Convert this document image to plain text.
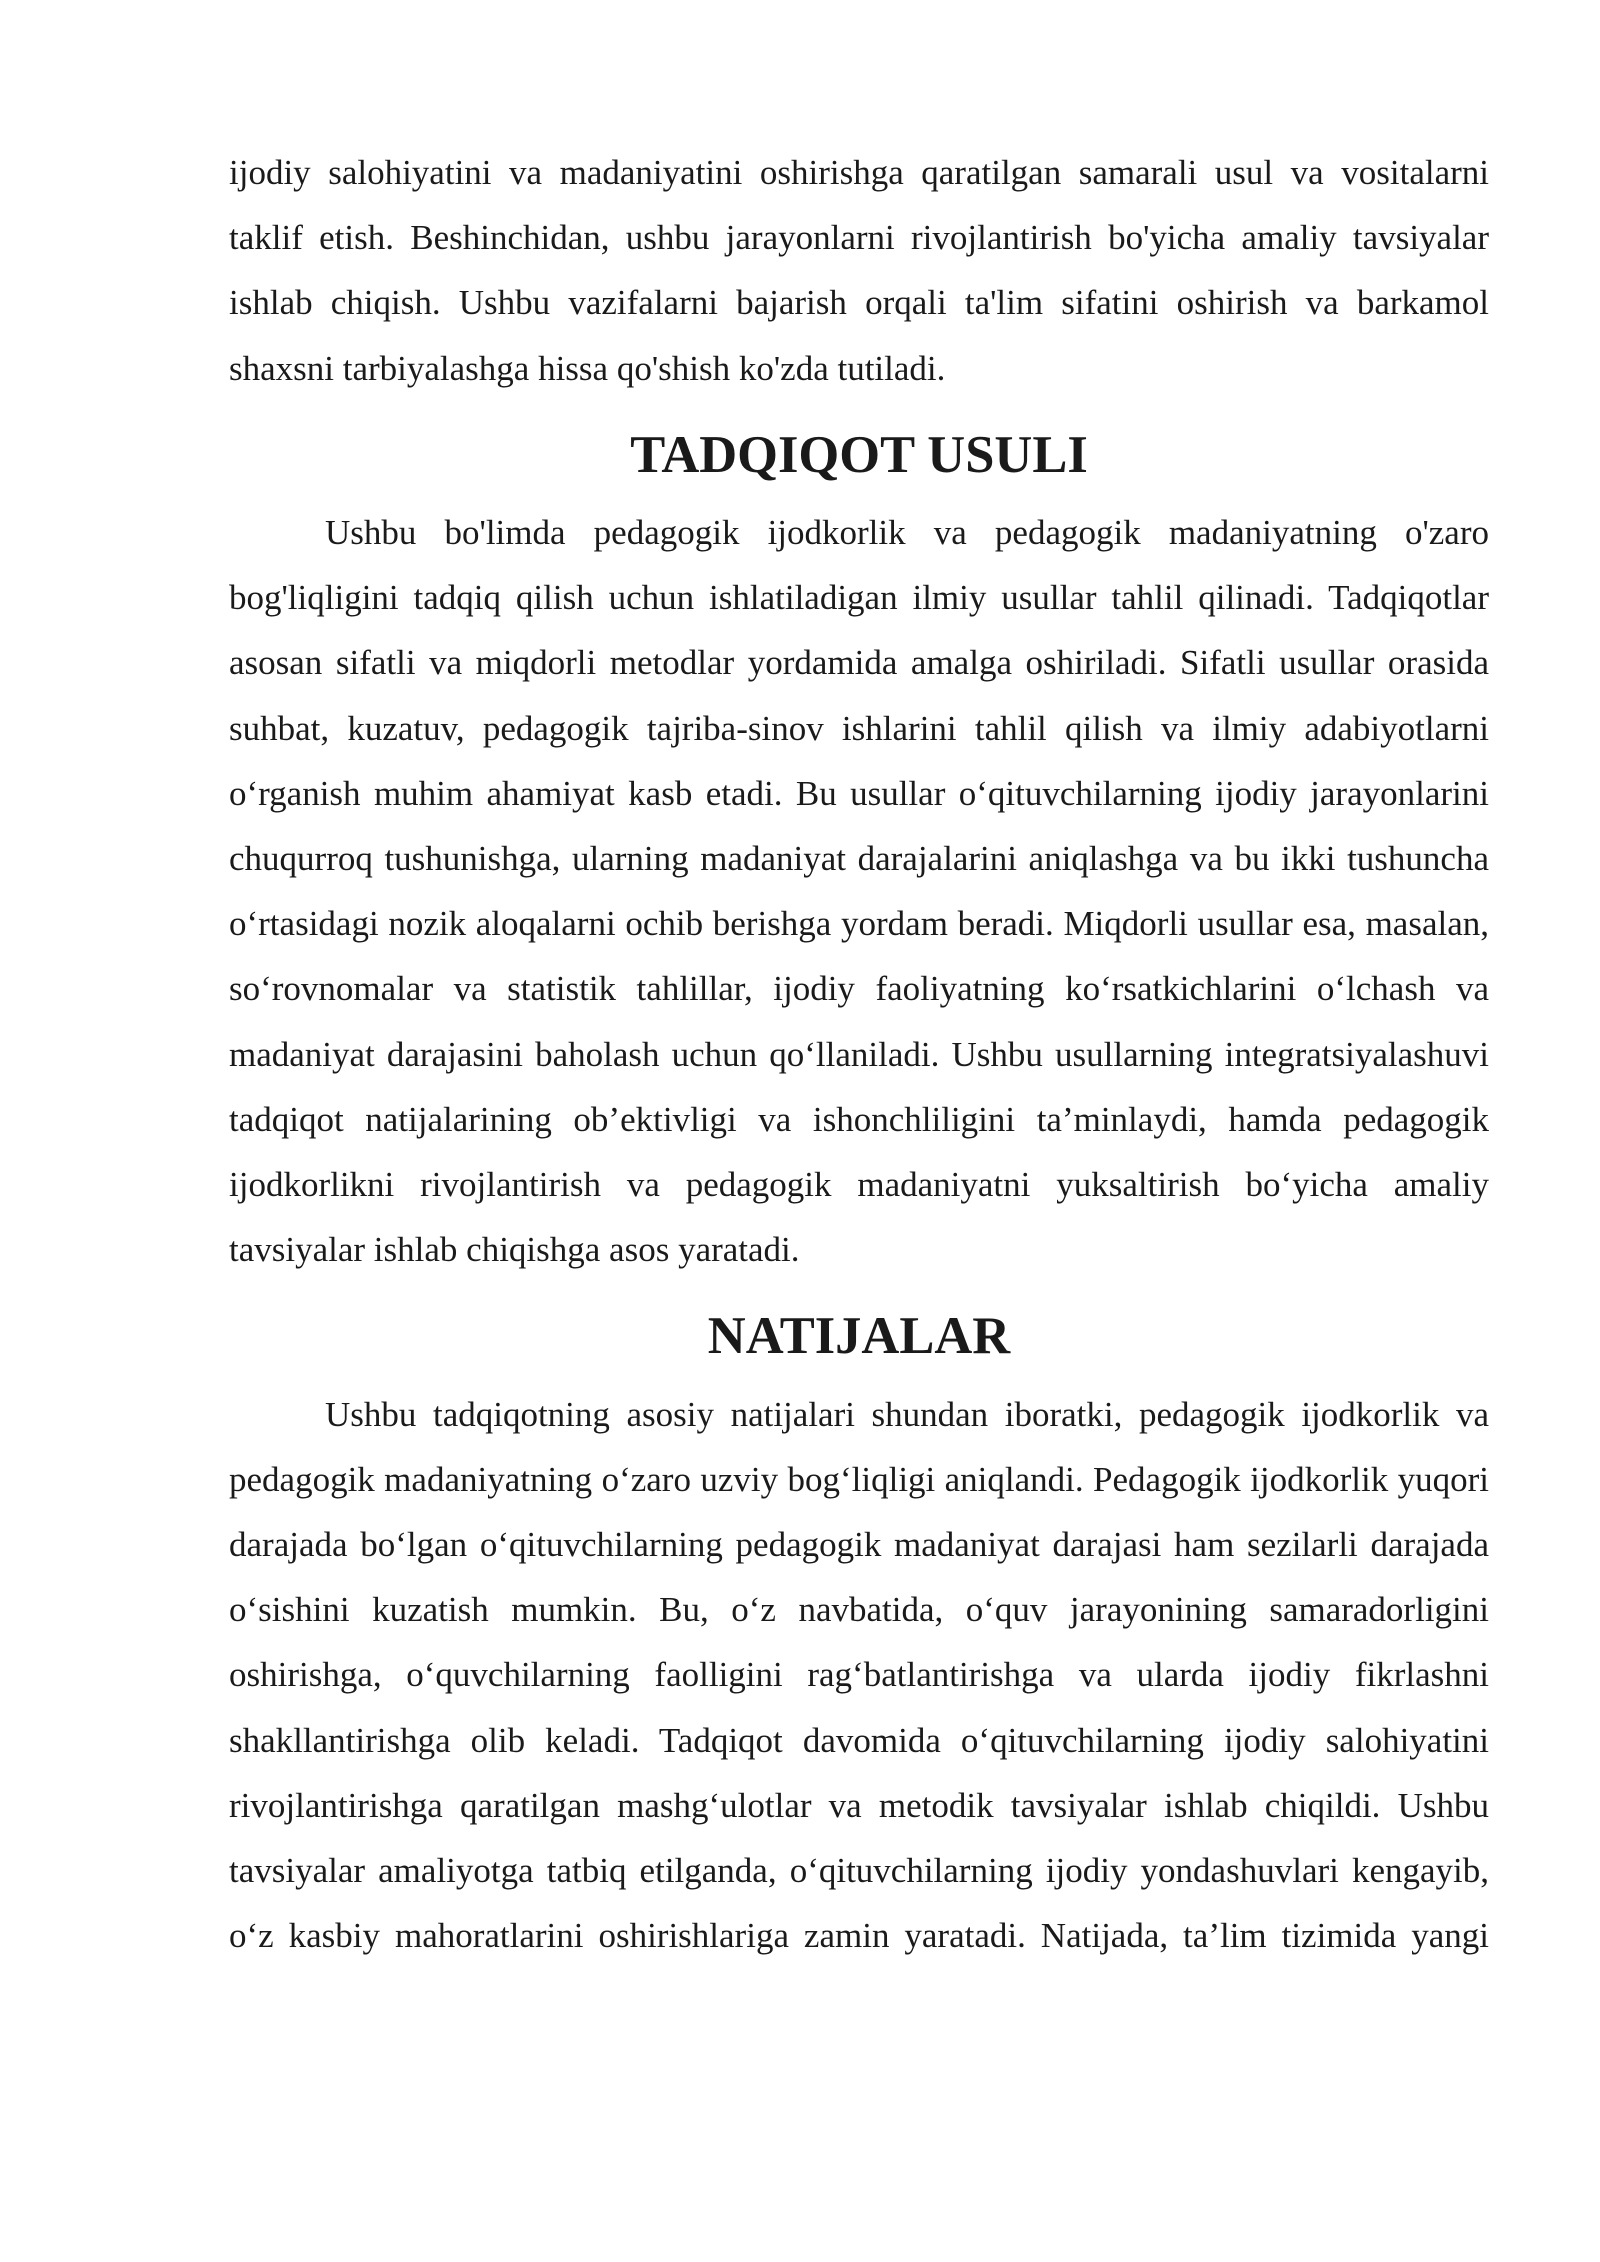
ijodiy salohiyatini va madaniyatini oshirishga qaratilgan samarali usul va vositalarni taklif etish. Beshinchidan, ushbu jarayonlarni rivojlantirish bo'yicha amaliy tavsiyalar ishlab chiqish. Ushbu vazifalarni bajarish orqali ta'lim sifatini oshirish va barkamol shaxsni tarbiyalashga hissa qo'shish ko'zda tutiladi.

TADQIQOT USULI

Ushbu bo'limda pedagogik ijodkorlik va pedagogik madaniyatning o'zaro bog'liqligini tadqiq qilish uchun ishlatiladigan ilmiy usullar tahlil qilinadi. Tadqiqotlar asosan sifatli va miqdorli metodlar yordamida amalga oshiriladi. Sifatli usullar orasida suhbat, kuzatuv, pedagogik tajriba-sinov ishlarini tahlil qilish va ilmiy adabiyotlarni o‘rganish muhim ahamiyat kasb etadi. Bu usullar o‘qituvchilarning ijodiy jarayonlarini chuqurroq tushunishga, ularning madaniyat darajalarini aniqlashga va bu ikki tushuncha o‘rtasidagi nozik aloqalarni ochib berishga yordam beradi. Miqdorli usullar esa, masalan, so‘rovnomalar va statistik tahlillar, ijodiy faoliyatning ko‘rsatkichlarini o‘lchash va madaniyat darajasini baholash uchun qo‘llaniladi. Ushbu usullarning integratsiyalashuvi tadqiqot natijalarining ob’ektivligi va ishonchliligini ta’minlaydi, hamda pedagogik ijodkorlikni rivojlantirish va pedagogik madaniyatni yuksaltirish bo‘yicha amaliy tavsiyalar ishlab chiqishga asos yaratadi.

NATIJALAR

Ushbu tadqiqotning asosiy natijalari shundan iboratki, pedagogik ijodkorlik va pedagogik madaniyatning o‘zaro uzviy bog‘liqligi aniqlandi. Pedagogik ijodkorlik yuqori darajada bo‘lgan o‘qituvchilarning pedagogik madaniyat darajasi ham sezilarli darajada o‘sishini kuzatish mumkin. Bu, o‘z navbatida, o‘quv jarayonining samaradorligini oshirishga, o‘quvchilarning faolligini rag‘batlantirishga va ularda ijodiy fikrlashni shakllantirishga olib keladi. Tadqiqot davomida o‘qituvchilarning ijodiy salohiyatini rivojlantirishga qaratilgan mashg‘ulotlar va metodik tavsiyalar ishlab chiqildi. Ushbu tavsiyalar amaliyotga tatbiq etilganda, o‘qituvchilarning ijodiy yondashuvlari kengayib, o‘z kasbiy mahoratlarini oshirishlariga zamin yaratadi. Natijada, ta’lim tizimida yangi
